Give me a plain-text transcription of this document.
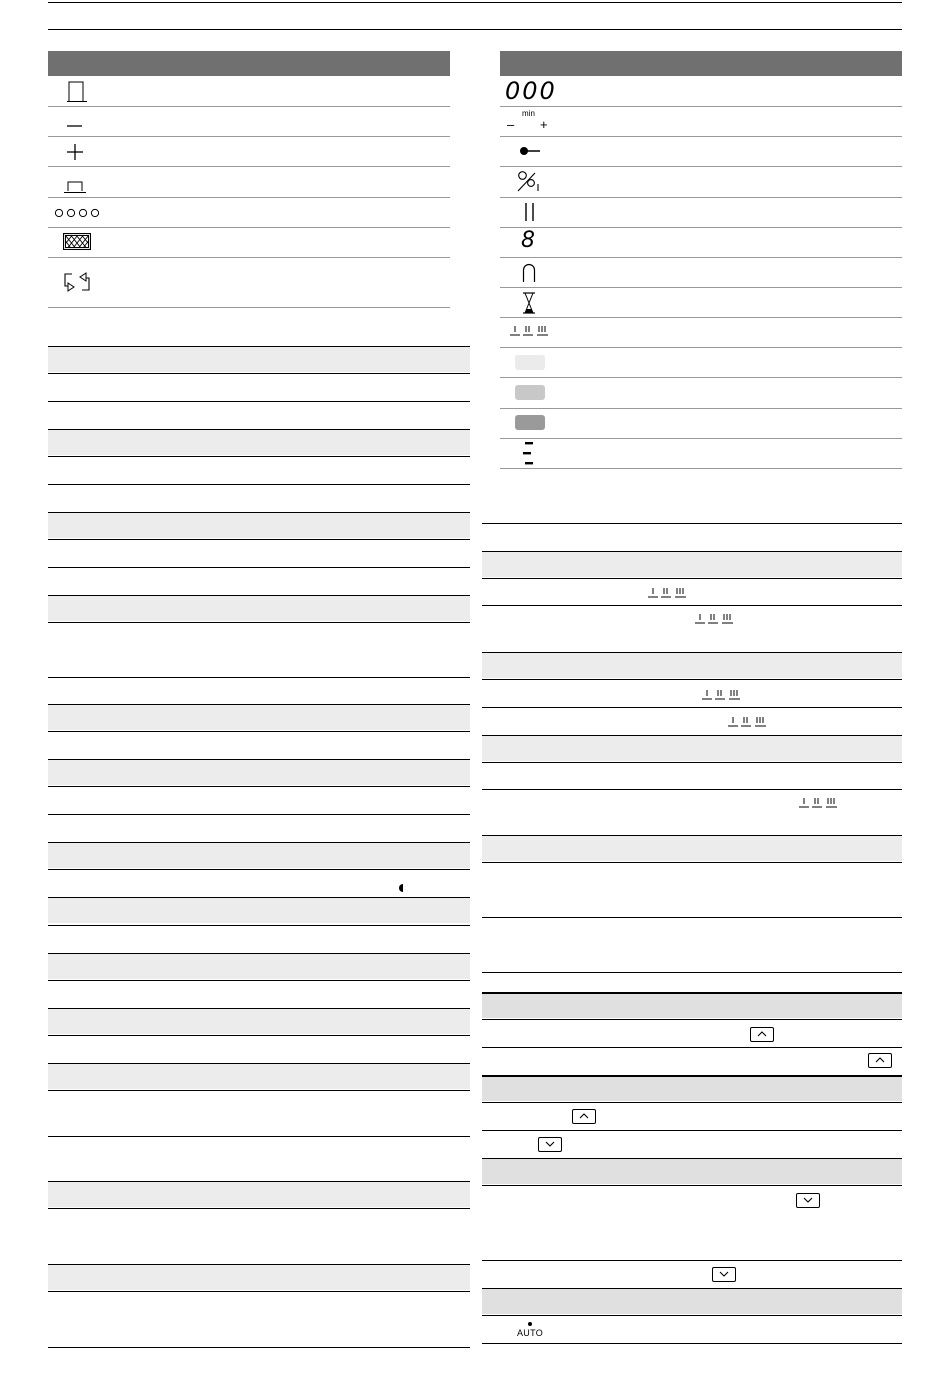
000
min
– +
8
AUTO
